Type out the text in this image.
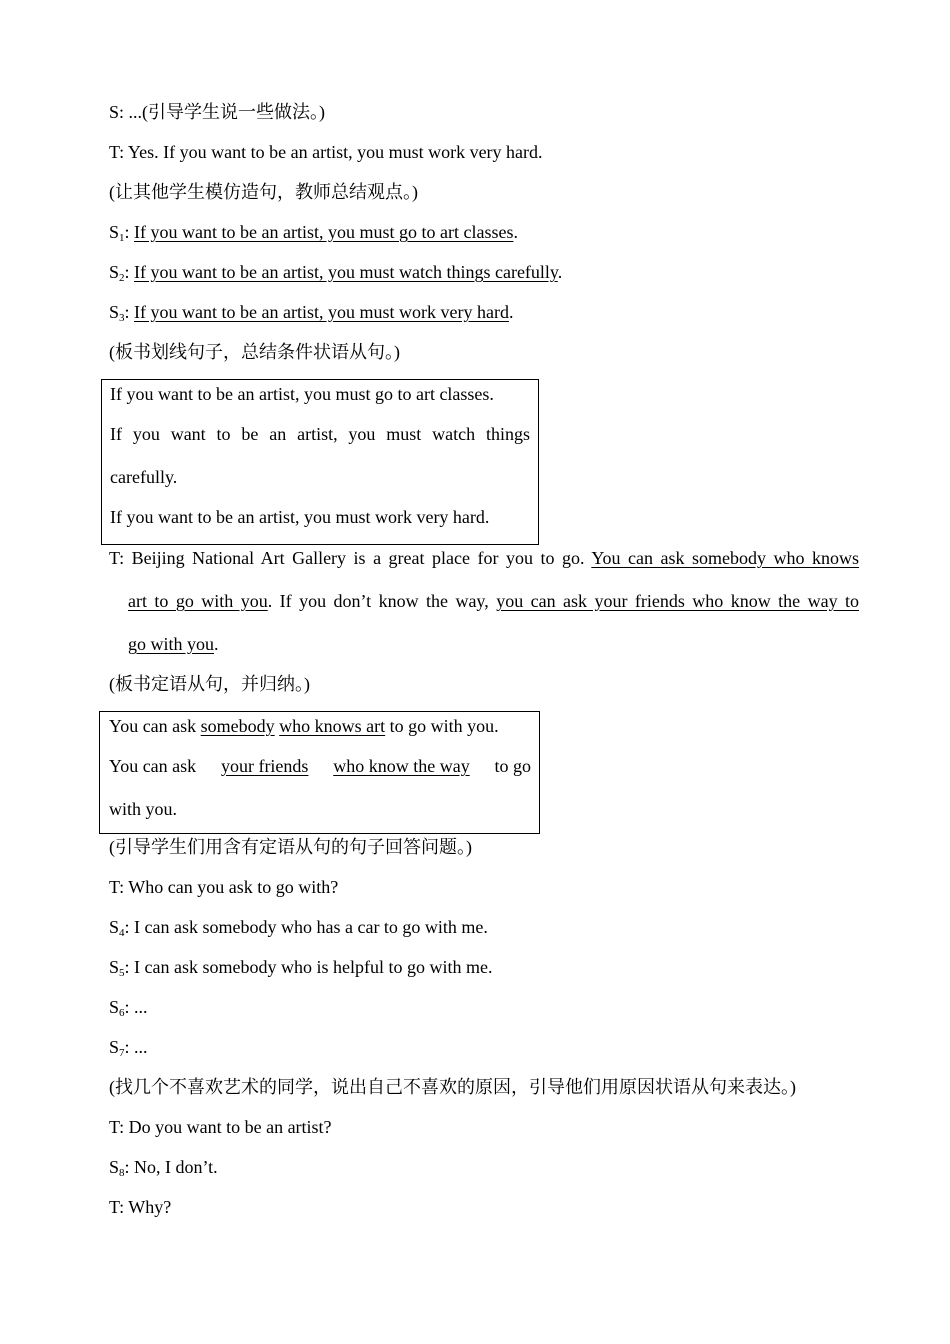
S: ...(引导学生说一些做法。)
T: Yes. If you want to be an artist, you must work very hard.
(让其他学生模仿造句，教师总结观点。)
$S_1$: If you want to be an artist, you must go to art classes.
$S_2$: If you want to be an artist, you must watch things carefully.
$S_3$: If you want to be an artist, you must work very hard.
(板书划线句子，总结条件状语从句。)
If you want to be an artist, you must go to art classes.
If you want to be an artist, you must watch things
carefully.
If you want to be an artist, you must work very hard.
T: Beijing National Art Gallery is a great place for you to go. You can ask somebody who knows
art to go with you. If you don’t know the way, you can ask your friends who know the way to
go with you.
(板书定语从句，并归纳。)
You can ask somebody who knows art to go with you.
You can ask your friends who know the way to go
with you.
(引导学生们用含有定语从句的句子回答问题。)
T: Who can you ask to go with?
$S_4$: I can ask somebody who has a car to go with me.
$S_5$: I can ask somebody who is helpful to go with me.
$S_6$: ...
$S_7$: ...
(找几个不喜欢艺术的同学，说出自己不喜欢的原因，引导他们用原因状语从句来表达。)
T: Do you want to be an artist?
$S_8$: No, I don’t.
T: Why?
